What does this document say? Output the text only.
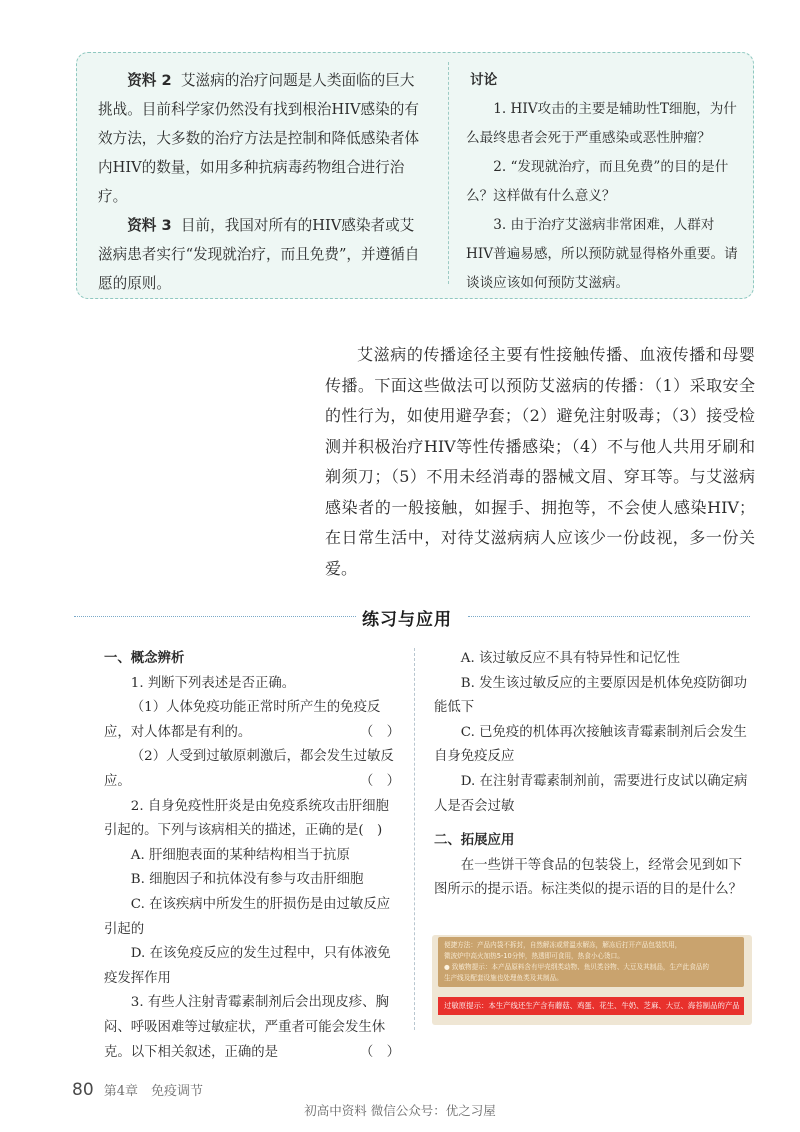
资料 2 艾滋病的治疗问题是人类面临的巨大挑战。目前科学家仍然没有找到根治HIV感染的有效方法，大多数的治疗方法是控制和降低感染者体内HIV的数量，如用多种抗病毒药物组合进行治疗。

资料 3 目前，我国对所有的HIV感染者或艾滋病患者实行“发现就治疗，而且免费”，并遵循自愿的原则。

讨论

1. HIV攻击的主要是辅助性T细胞，为什么最终患者会死于严重感染或恶性肿瘤？

2. “发现就治疗，而且免费”的目的是什么？这样做有什么意义？

3. 由于治疗艾滋病非常困难，人群对HIV普遍易感，所以预防就显得格外重要。请谈谈应该如何预防艾滋病。

艾滋病的传播途径主要有性接触传播、血液传播和母婴传播。下面这些做法可以预防艾滋病的传播：（1）采取安全的性行为，如使用避孕套；（2）避免注射吸毒；（3）接受检测并积极治疗HIV等性传播感染；（4）不与他人共用牙刷和剃须刀；（5）不用未经消毒的器械文眉、穿耳等。与艾滋病感染者的一般接触，如握手、拥抱等，不会使人感染HIV；在日常生活中，对待艾滋病病人应该少一份歧视，多一份关爱。

练习与应用

一、概念辨析

1. 判断下列表述是否正确。

（1）人体免疫功能正常时所产生的免疫反应，对人体都是有利的。	（　）

（2）人受到过敏原刺激后，都会发生过敏反应。	（　）

2. 自身免疫性肝炎是由免疫系统攻击肝细胞引起的。下列与该病相关的描述，正确的是(　)

A. 肝细胞表面的某种结构相当于抗原

B. 细胞因子和抗体没有参与攻击肝细胞

C. 在该疾病中所发生的肝损伤是由过敏反应引起的

D. 在该免疫反应的发生过程中，只有体液免疫发挥作用

3. 有些人注射青霉素制剂后会出现皮疹、胸闷、呼吸困难等过敏症状，严重者可能会发生休克。以下相关叙述，正确的是	（　）

A. 该过敏反应不具有特异性和记忆性

B. 发生该过敏反应的主要原因是机体免疫防御功能低下

C. 已免疫的机体再次接触该青霉素制剂后会发生自身免疫反应

D. 在注射青霉素制剂前，需要进行皮试以确定病人是否会过敏

二、拓展应用

在一些饼干等食品的包装袋上，经常会见到如下图所示的提示语。标注类似的提示语的目的是什么？

便捷方法：产品内袋不拆封，自然解冻或常温水解冻，解冻后打开产品包装饮用，
微波炉中高火加热5-10分钟，热透即可食用，热食小心烫口。
● 致敏物提示：本产品原料含有甲壳纲类动物、鱼贝类谷物、大豆及其制品，生产此食品的
生产线及配套设施也处理鱼类及其制品。
过敏原提示：本生产线还生产含有蘑菇、鸡蛋、花生、牛奶、芝麻、大豆、海苔制品的产品
80 第4章　免疫调节
初高中资料 微信公众号：优之习屋
